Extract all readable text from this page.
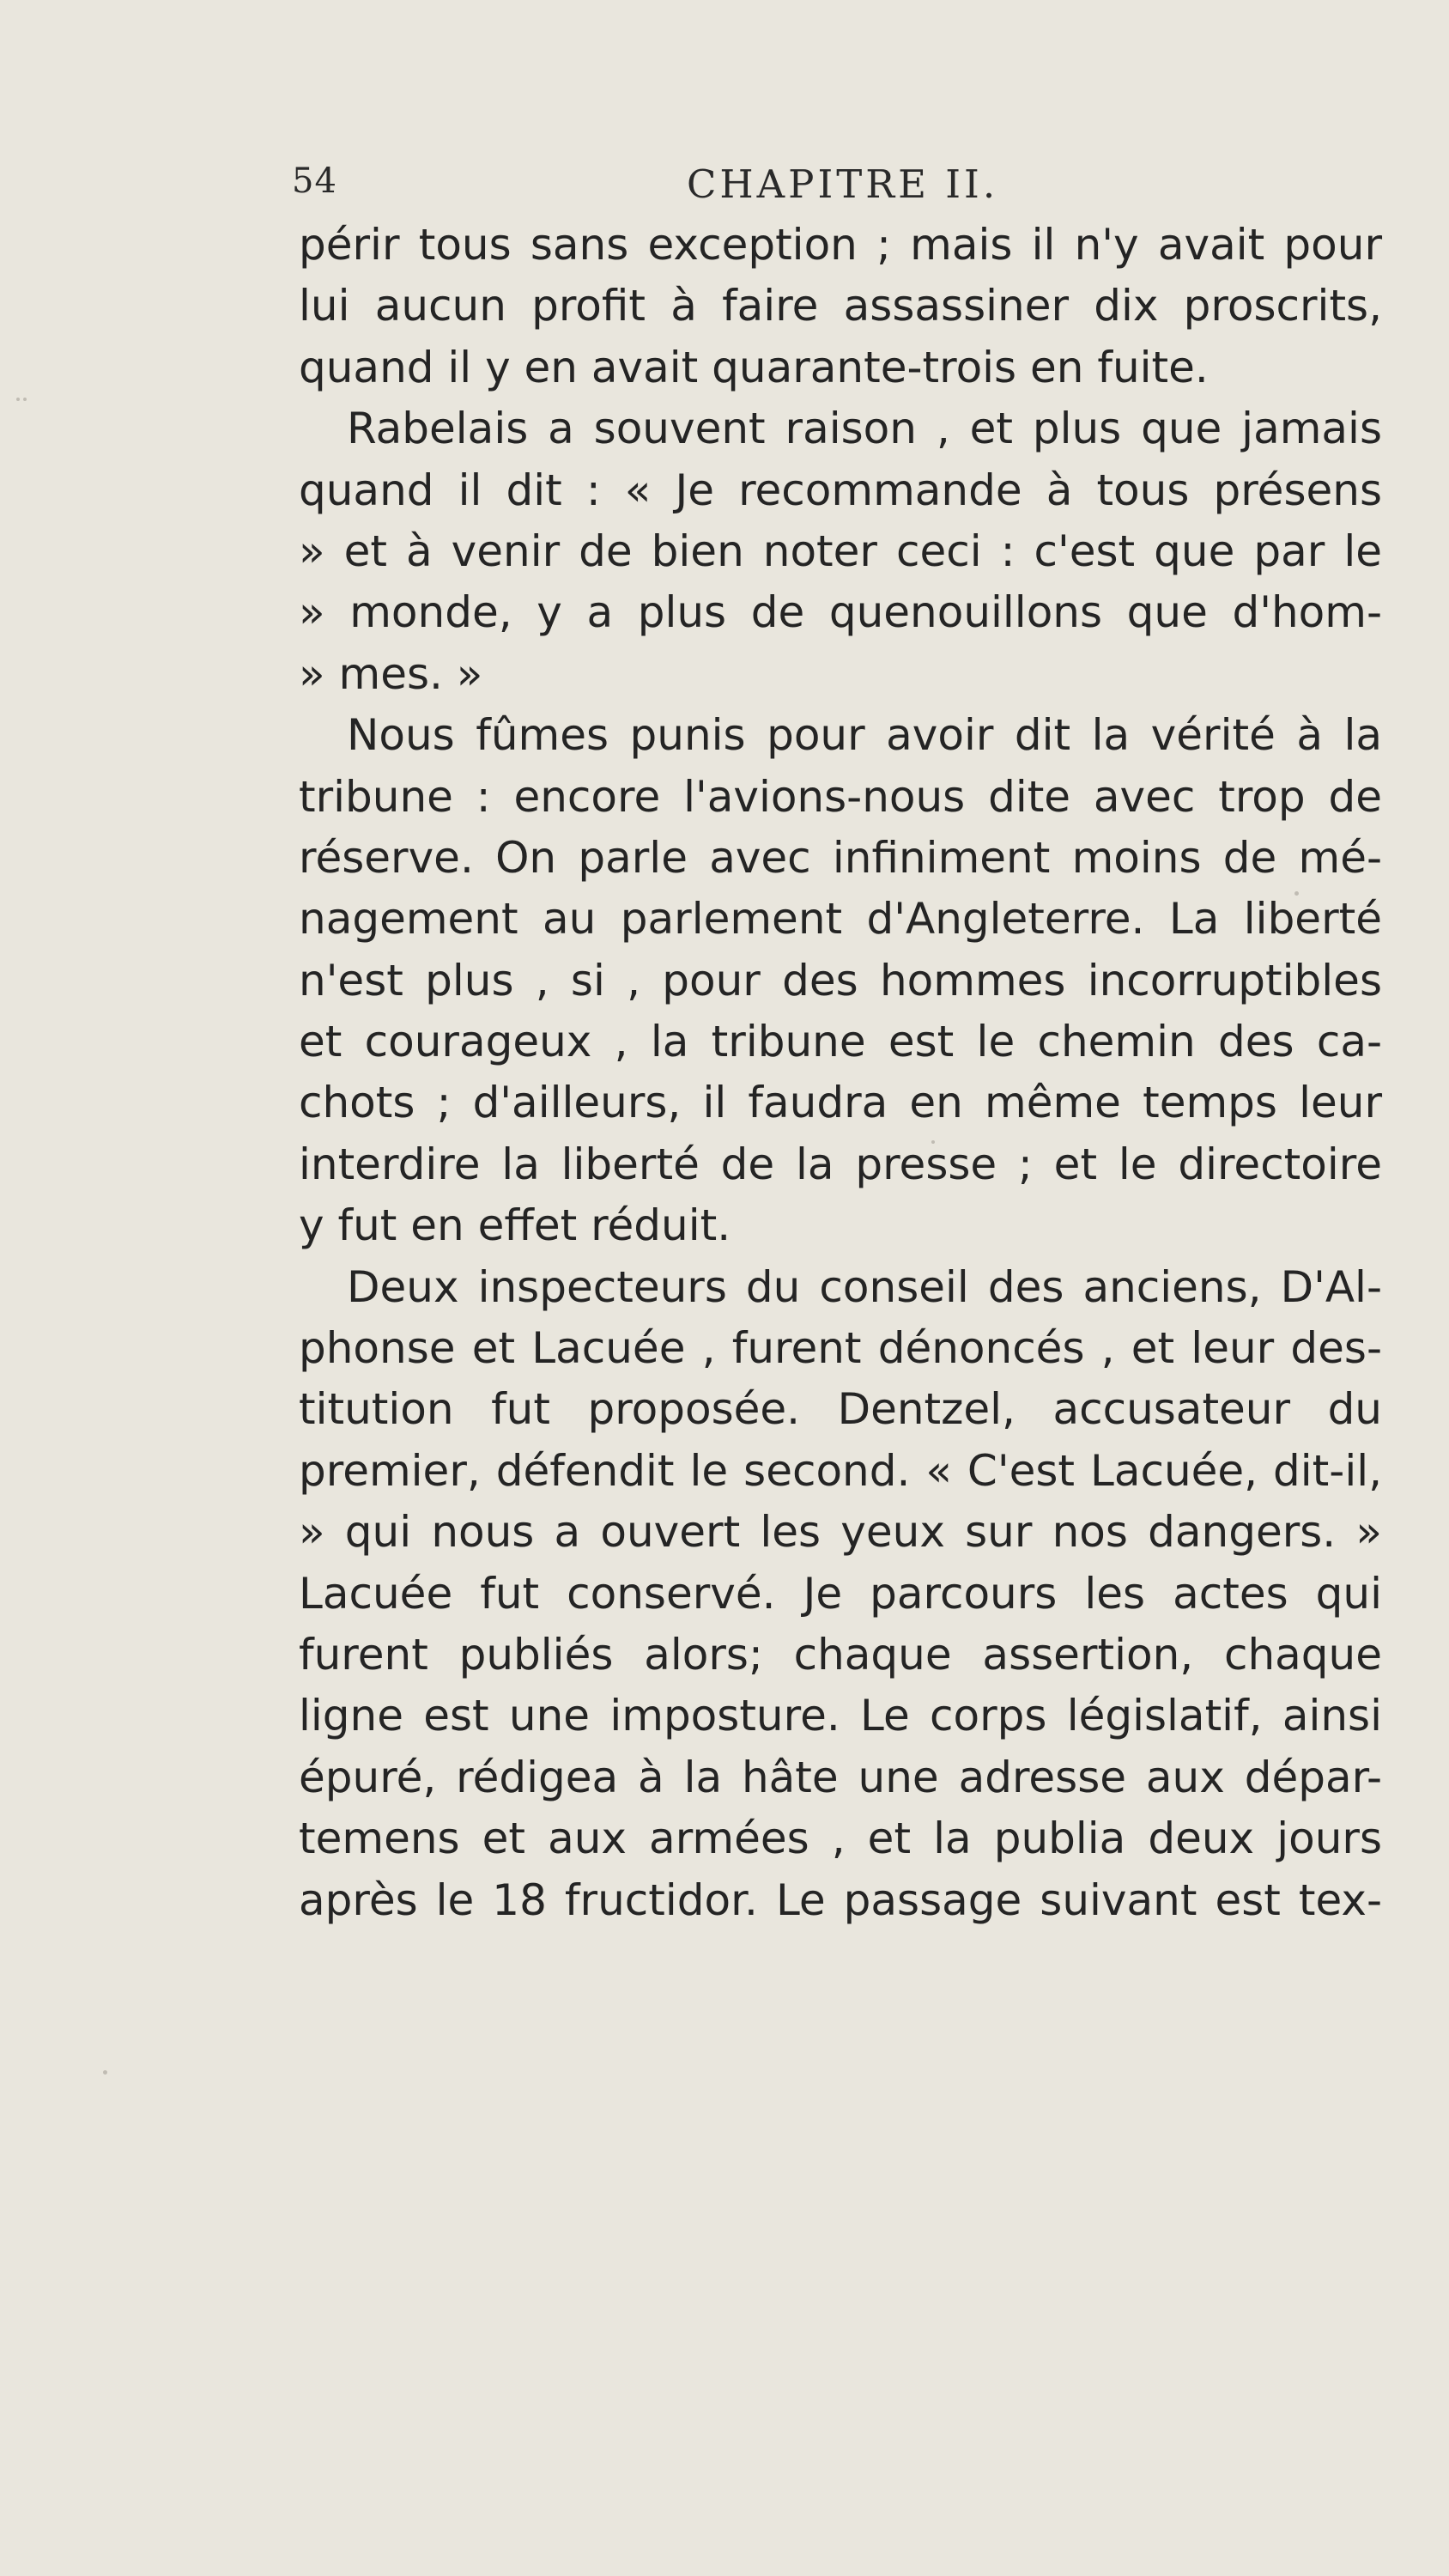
54	CHAPITRE II.
périr tous sans exception ; mais il n'y avait pour
lui aucun profit à faire assassiner dix proscrits,
quand il y en avait quarante-trois en fuite.
Rabelais a souvent raison , et plus que jamais
quand il dit : « Je recommande à tous présens
» et à venir de bien noter ceci : c'est que par le
» monde, y a plus de quenouillons que d'hom-
» mes. »
Nous fûmes punis pour avoir dit la vérité à la
tribune : encore l'avions-nous dite avec trop de
réserve. On parle avec infiniment moins de mé-
nagement au parlement d'Angleterre. La liberté
n'est plus , si , pour des hommes incorruptibles
et courageux , la tribune est le chemin des ca-
chots ; d'ailleurs, il faudra en même temps leur
interdire la liberté de la presse ; et le directoire
y fut en effet réduit.
Deux inspecteurs du conseil des anciens, D'Al-
phonse et Lacuée , furent dénoncés , et leur des-
titution fut proposée. Dentzel, accusateur du
premier, défendit le second. « C'est Lacuée, dit-il,
» qui nous a ouvert les yeux sur nos dangers. »
Lacuée fut conservé. Je parcours les actes qui
furent publiés alors; chaque assertion, chaque
ligne est une imposture. Le corps législatif, ainsi
épuré, rédigea à la hâte une adresse aux dépar-
temens et aux armées , et la publia deux jours
après le 18 fructidor. Le passage suivant est tex-
